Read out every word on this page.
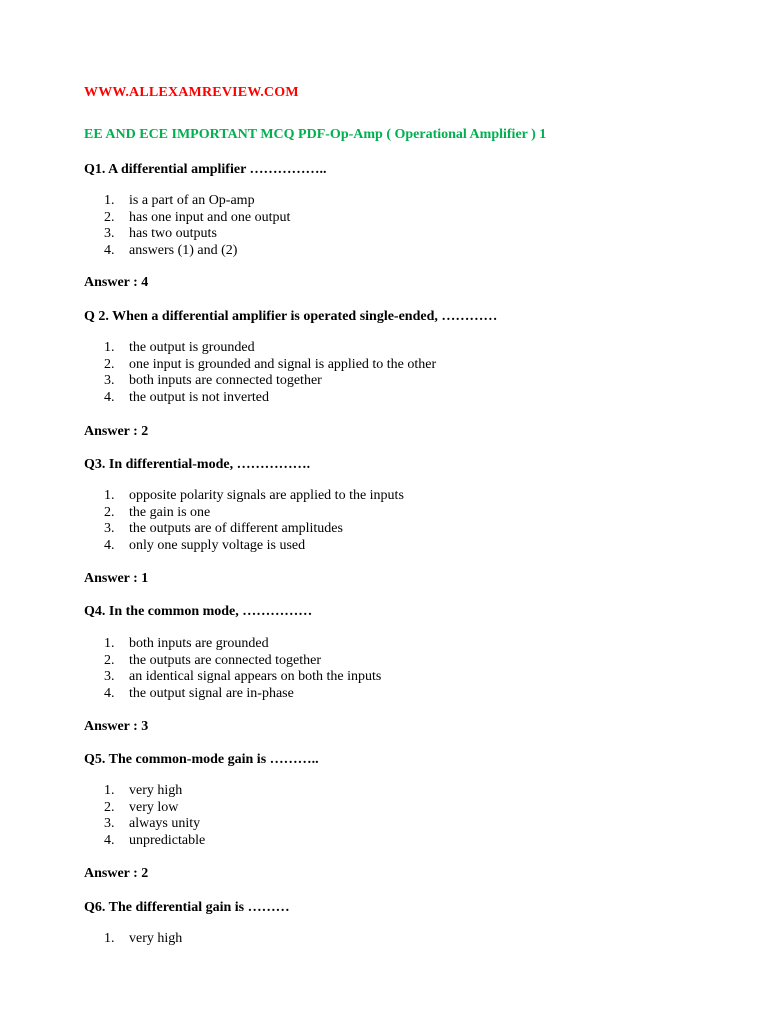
WWW.ALLEXAMREVIEW.COM
EE AND ECE IMPORTANT MCQ PDF-Op-Amp ( Operational Amplifier ) 1
Q1. A differential amplifier ……………..
1. is a part of an Op-amp
2. has one input and one output
3. has two outputs
4. answers (1) and (2)
Answer : 4
Q 2. When a differential amplifier is operated single-ended, …………
1. the output is grounded
2. one input is grounded and signal is applied to the other
3. both inputs are connected together
4. the output is not inverted
Answer : 2
Q3. In differential-mode, …………….
1. opposite polarity signals are applied to the inputs
2. the gain is one
3. the outputs are of different amplitudes
4. only one supply voltage is used
Answer : 1
Q4. In the common mode, ……………
1. both inputs are grounded
2. the outputs are connected together
3. an identical signal appears on both the inputs
4. the output signal are in-phase
Answer : 3
Q5. The common-mode gain is ………..
1. very high
2. very low
3. always unity
4. unpredictable
Answer : 2
Q6. The differential gain is ………
1. very high
